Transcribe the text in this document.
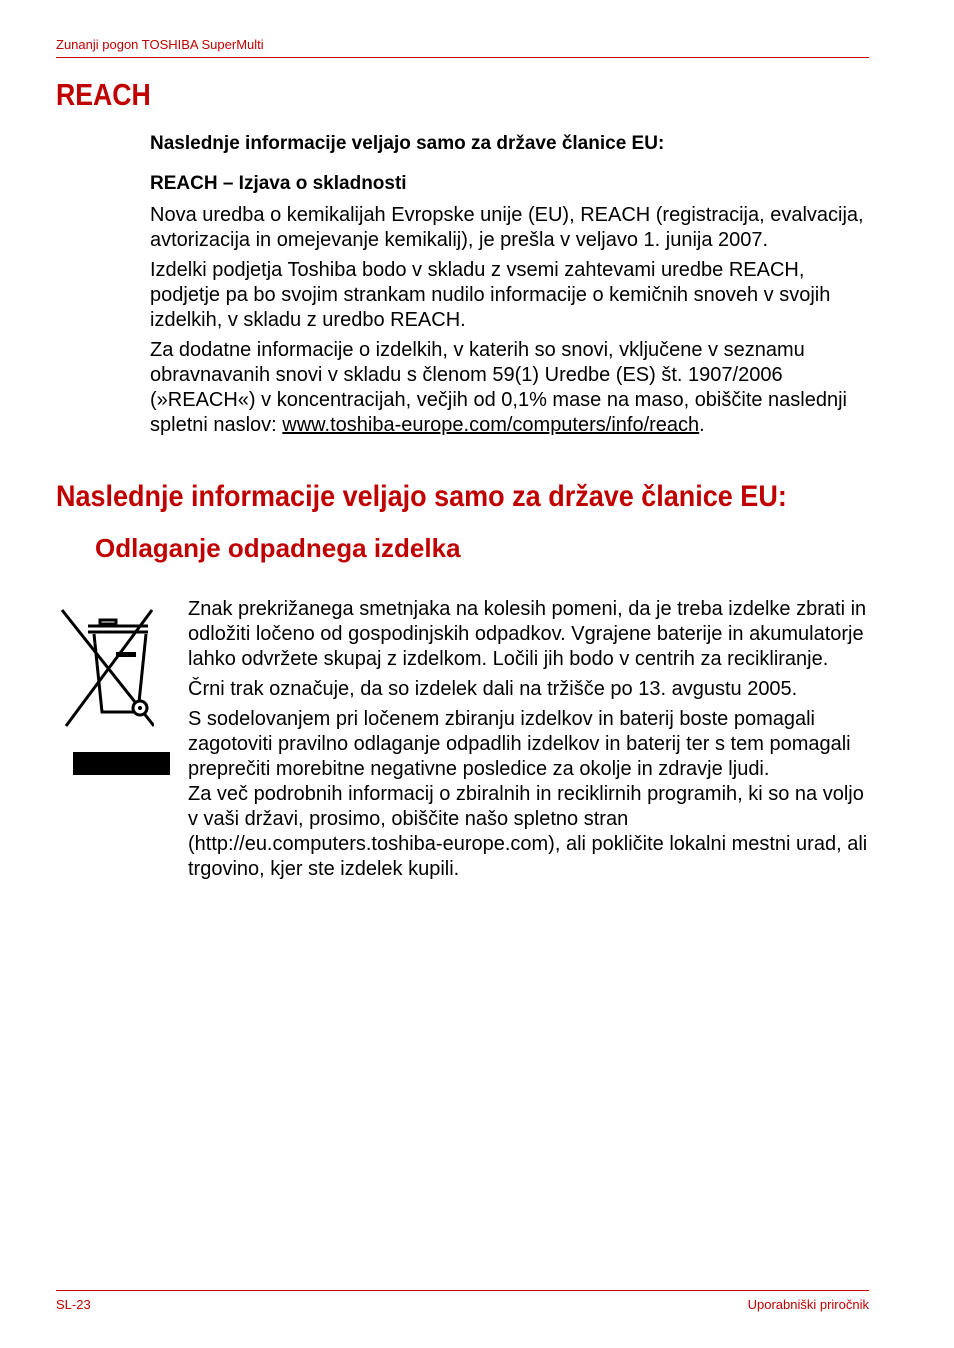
Zunanji pogon TOSHIBA SuperMulti
REACH

Naslednje informacije veljajo samo za države članice EU:

REACH – Izjava o skladnosti

Nova uredba o kemikalijah Evropske unije (EU), REACH (registracija, evalvacija, avtorizacija in omejevanje kemikalij), je prešla v veljavo 1. junija 2007.

Izdelki podjetja Toshiba bodo v skladu z vsemi zahtevami uredbe REACH, podjetje pa bo svojim strankam nudilo informacije o kemičnih snoveh v svojih izdelkih, v skladu z uredbo REACH.

Za dodatne informacije o izdelkih, v katerih so snovi, vključene v seznamu obravnavanih snovi v skladu s členom 59(1) Uredbe (ES) št. 1907/2006 (»REACH«) v koncentracijah, večjih od 0,1% mase na maso, obiščite naslednji spletni naslov: www.toshiba-europe.com/computers/info/reach.

Naslednje informacije veljajo samo za države članice EU:
Odlaganje odpadnega izdelka

Znak prekrižanega smetnjaka na kolesih pomeni, da je treba izdelke zbrati in odložiti ločeno od gospodinjskih odpadkov. Vgrajene baterije in akumulatorje lahko odvržete skupaj z izdelkom. Ločili jih bodo v centrih za recikliranje.

Črni trak označuje, da so izdelek dali na tržišče po 13. avgustu 2005.

S sodelovanjem pri ločenem zbiranju izdelkov in baterij boste pomagali zagotoviti pravilno odlaganje odpadlih izdelkov in baterij ter s tem pomagali preprečiti morebitne negativne posledice za okolje in zdravje ljudi.

Za več podrobnih informacij o zbiralnih in reciklirnih programih, ki so na voljo v vaši državi, prosimo, obiščite našo spletno stran (http://eu.computers.toshiba-europe.com), ali pokličite lokalni mestni urad, ali trgovino, kjer ste izdelek kupili.

SL-23	Uporabniški priročnik
